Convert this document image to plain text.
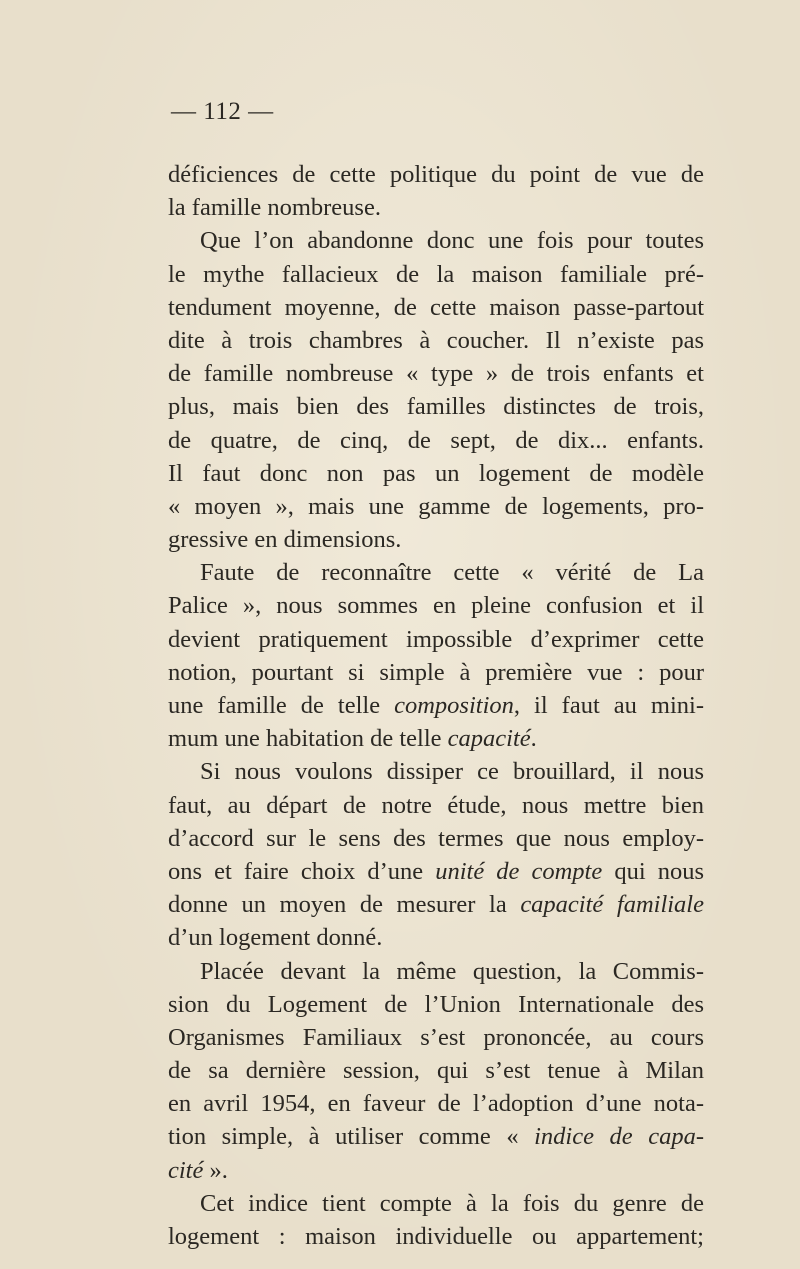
— 112 —
déficiences de cette politique du point de vue de
la famille nombreuse.
Que l’on abandonne donc une fois pour toutes
le mythe fallacieux de la maison familiale pré-
tendument moyenne, de cette maison passe-partout
dite à trois chambres à coucher. Il n’existe pas
de famille nombreuse « type » de trois enfants et
plus, mais bien des familles distinctes de trois,
de quatre, de cinq, de sept, de dix... enfants.
Il faut donc non pas un logement de modèle
« moyen », mais une gamme de logements, pro-
gressive en dimensions.
Faute de reconnaître cette « vérité de La
Palice », nous sommes en pleine confusion et il
devient pratiquement impossible d’exprimer cette
notion, pourtant si simple à première vue : pour
une famille de telle composition, il faut au mini-
mum une habitation de telle capacité.
Si nous voulons dissiper ce brouillard, il nous
faut, au départ de notre étude, nous mettre bien
d’accord sur le sens des termes que nous employ-
ons et faire choix d’une unité de compte qui nous
donne un moyen de mesurer la capacité familiale
d’un logement donné.
Placée devant la même question, la Commis-
sion du Logement de l’Union Internationale des
Organismes Familiaux s’est prononcée, au cours
de sa dernière session, qui s’est tenue à Milan
en avril 1954, en faveur de l’adoption d’une nota-
tion simple, à utiliser comme « indice de capa-
cité ».
Cet indice tient compte à la fois du genre de
logement : maison individuelle ou appartement;
